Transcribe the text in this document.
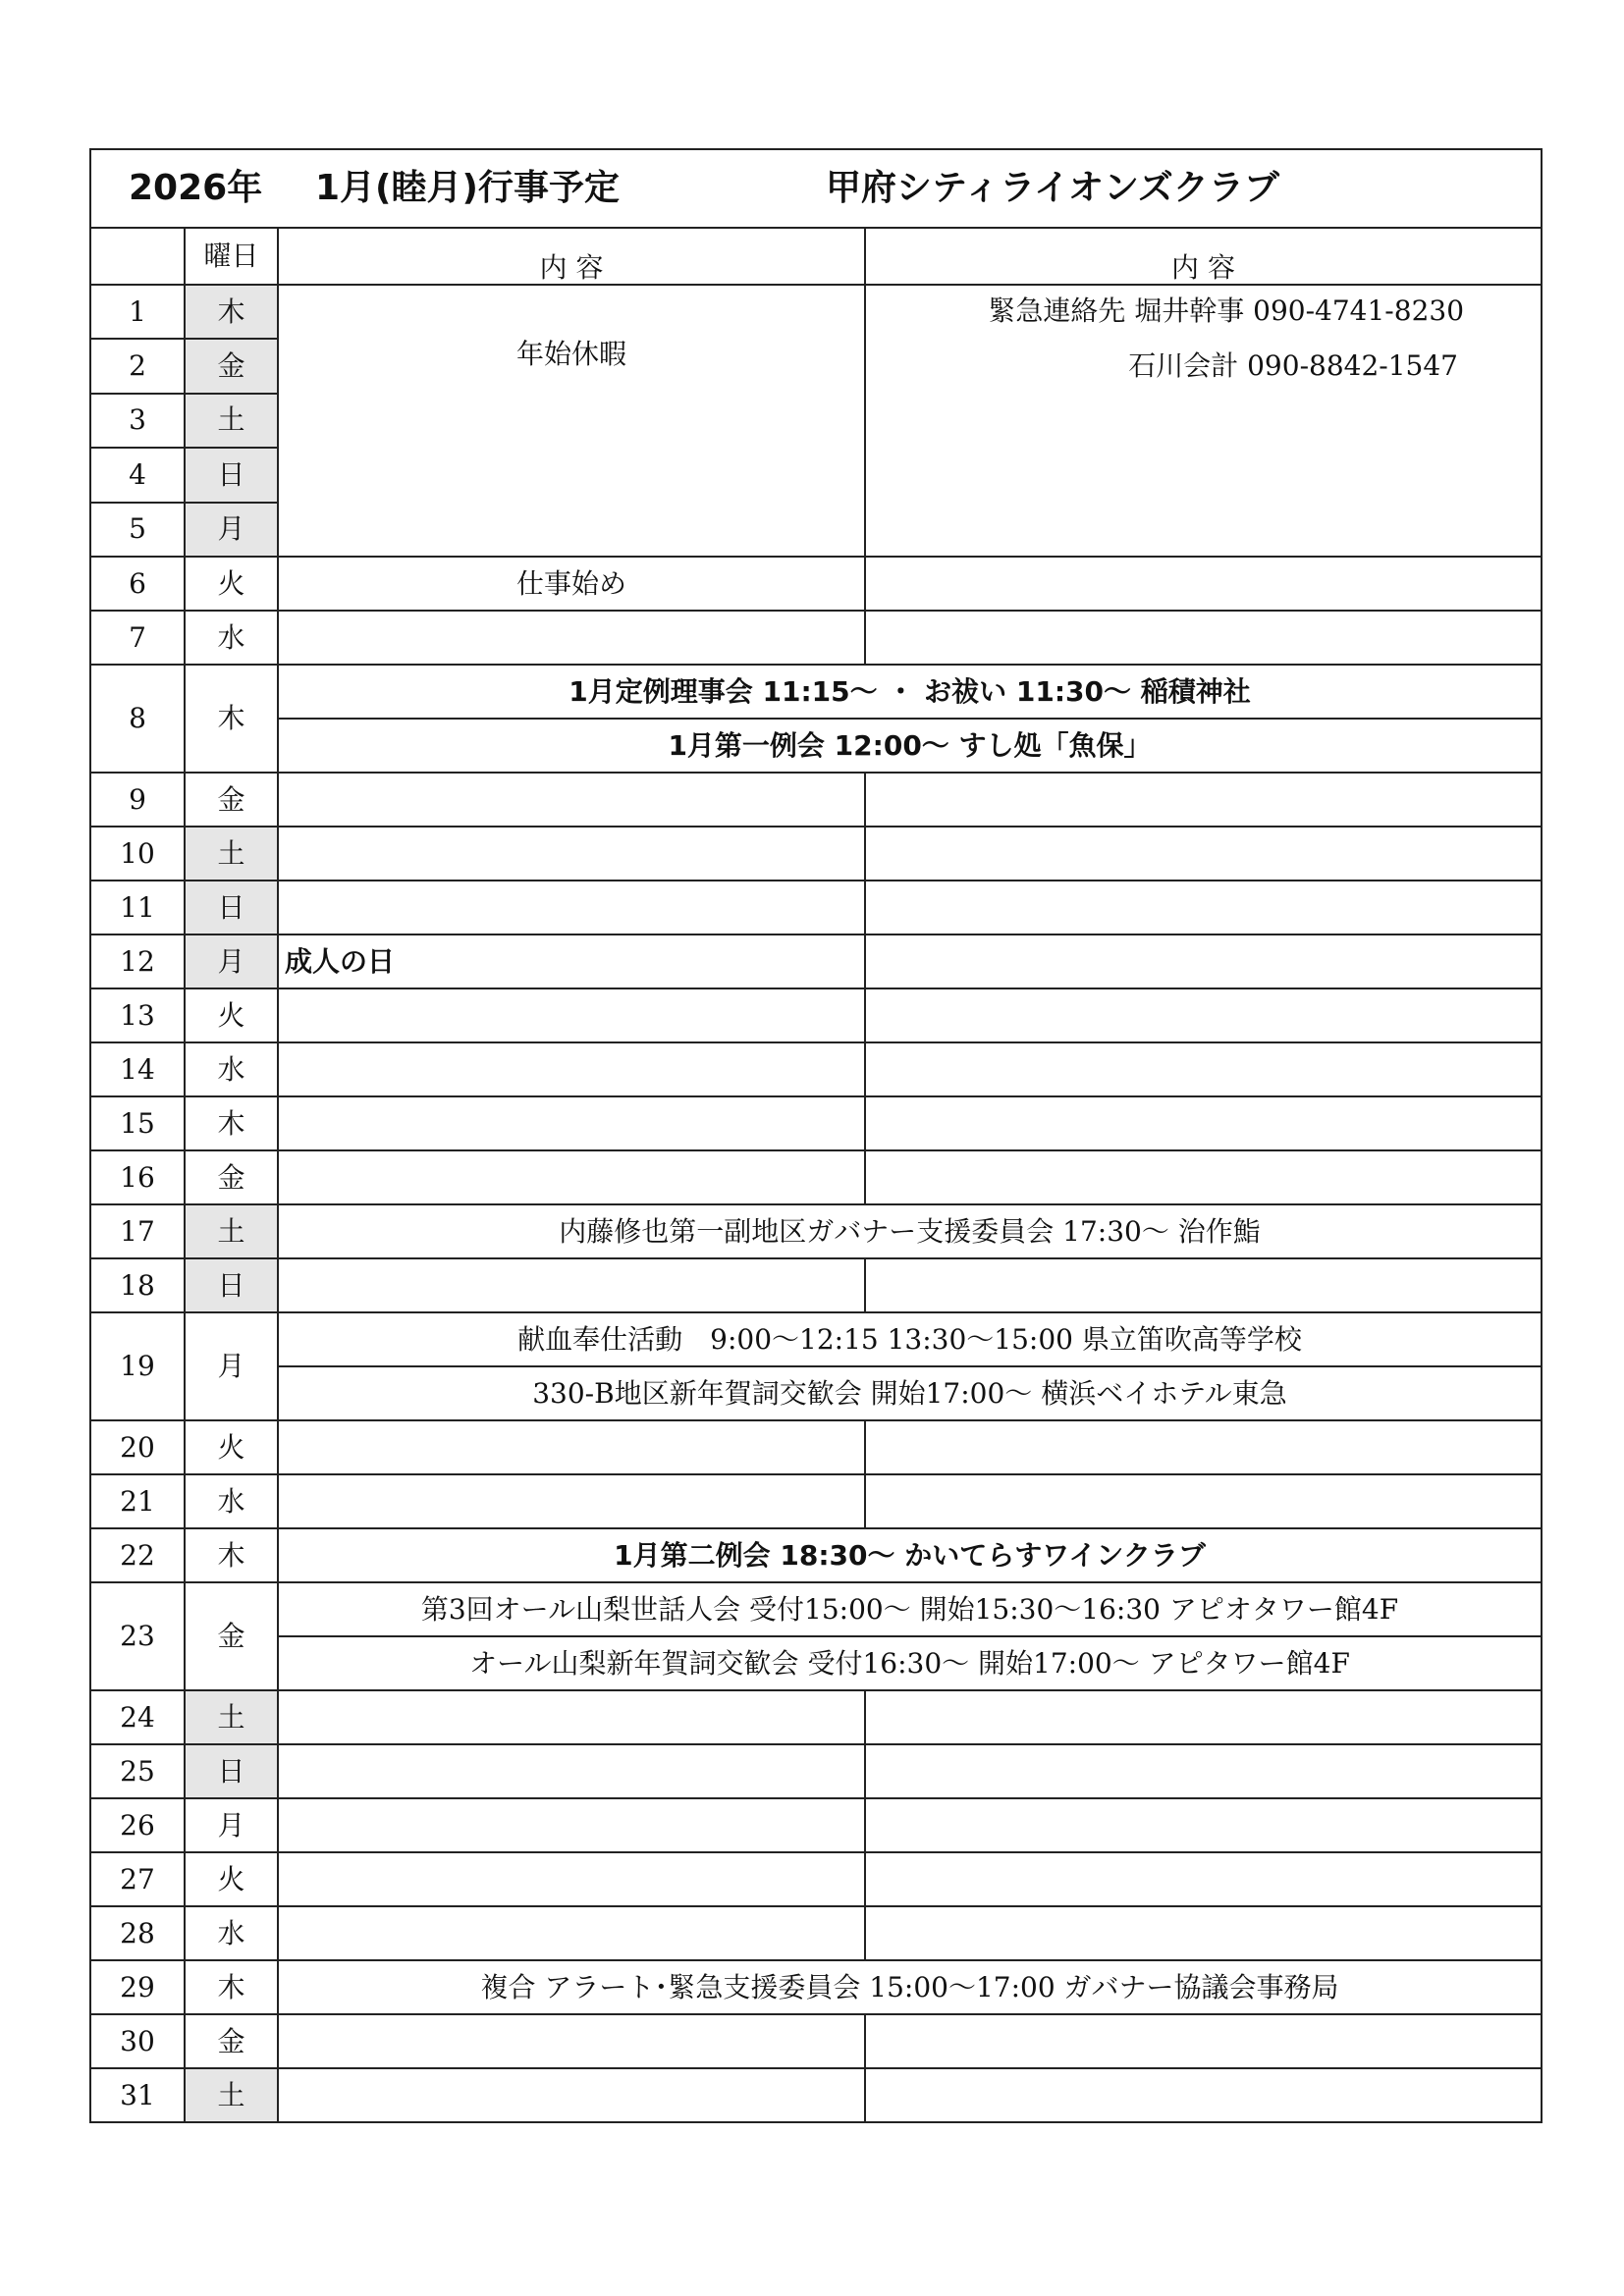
2026年 1月(睦月)行事予定 甲府シティライオンズクラブ			
	曜日	内 容	内 容
1	木	年始休暇	緊急連絡先 堀井幹事 090-4741-8230
石川会計 090-8842-1547

2	金		
3	土		
4	日		
5	月		
6	火	仕事始め	
7	水		
8	木	1月定例理事会 11:15～ ・ お祓い 11:30～ 稲積神社	
		1月第一例会 12:00～ すし処「魚保」	
9	金		
10	土		
11	日		
12	月	成人の日	
13	火		
14	水		
15	木		
16	金		
17	土	内藤修也第一副地区ガバナー支援委員会 17:30～ 治作鮨	
18	日		
19	月	献血奉仕活動　9:00～12:15 13:30～15:00 県立笛吹高等学校	
		330-B地区新年賀詞交歓会 開始17:00～ 横浜ベイホテル東急	
20	火		
21	水		
22	木	1月第二例会 18:30～ かいてらすワインクラブ	
23	金	第3回オール山梨世話人会 受付15:00～ 開始15:30～16:30 アピオタワー館4F	
		オール山梨新年賀詞交歓会 受付16:30～ 開始17:00～ アピタワー館4F	
24	土		
25	日		
26	月		
27	火		
28	水		
29	木	複合 アラート･緊急支援委員会 15:00～17:00 ガバナー協議会事務局	
30	金		
31	土		
